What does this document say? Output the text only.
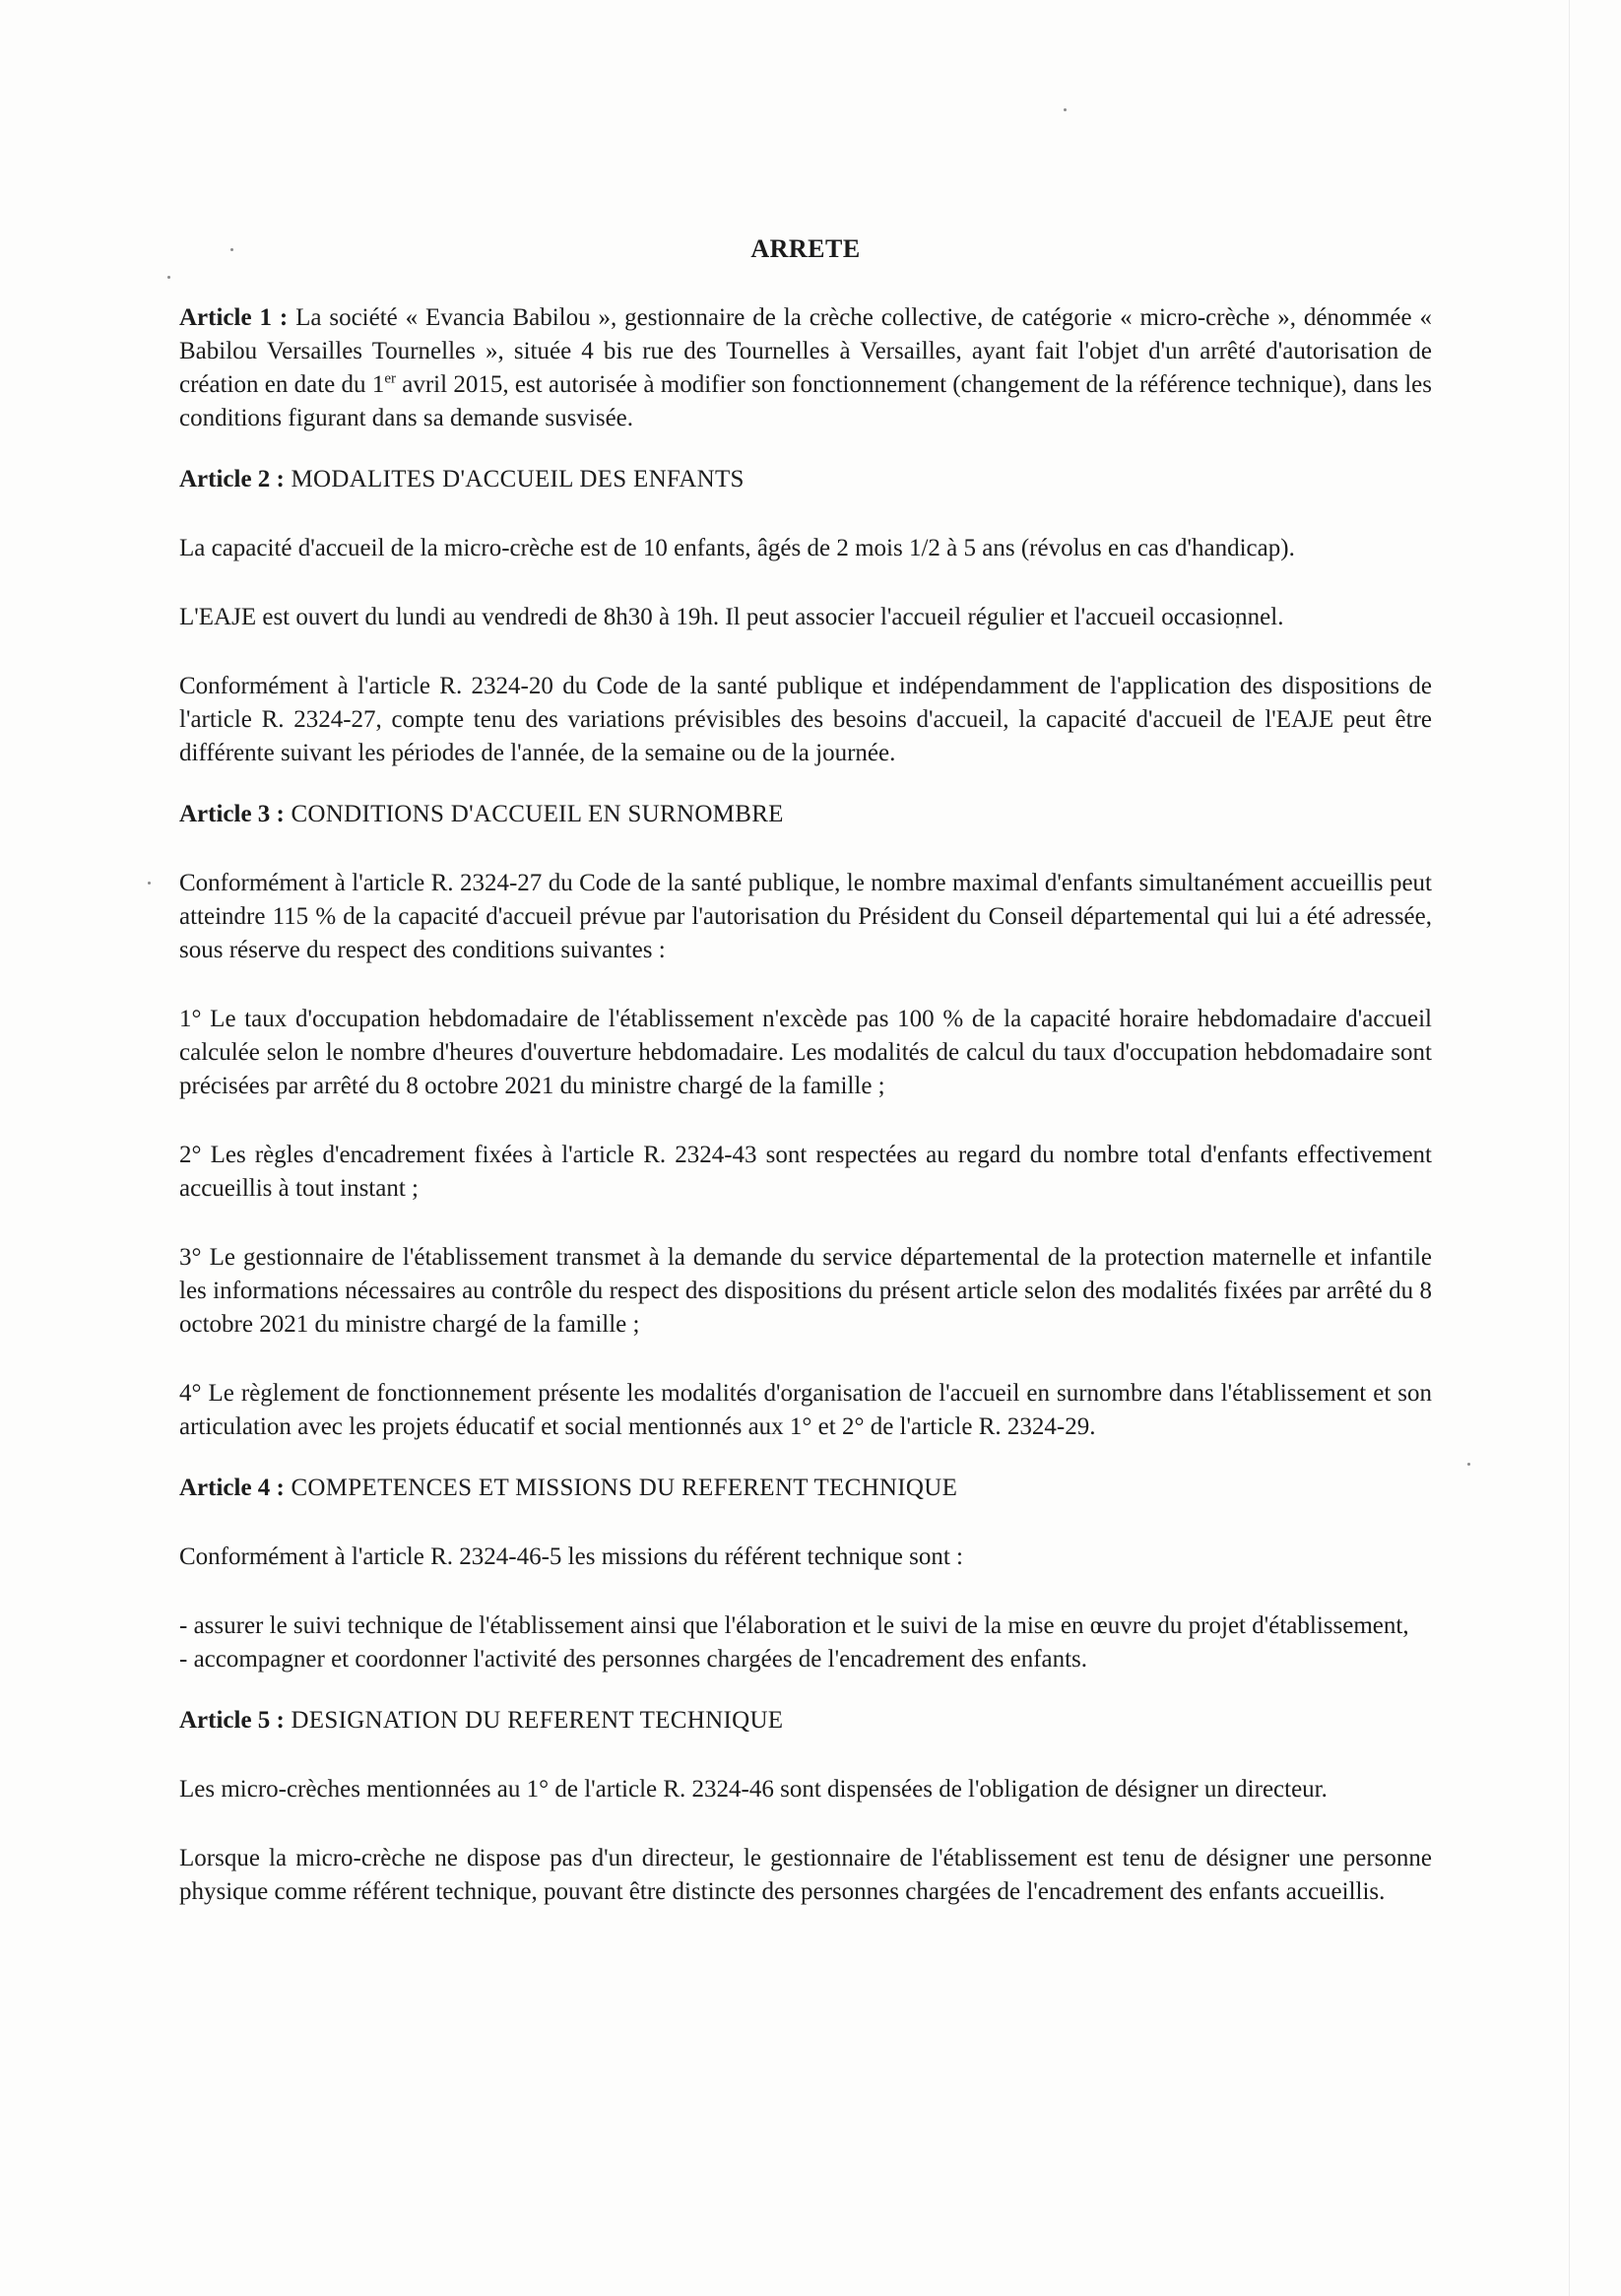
ARRETE

Article 1 : La société « Evancia Babilou », gestionnaire de la crèche collective, de catégorie « micro-crèche », dénommée « Babilou Versailles Tournelles », située 4 bis rue des Tournelles à Versailles, ayant fait l'objet d'un arrêté d'autorisation de création en date du 1er avril 2015, est autorisée à modifier son fonctionnement (changement de la référence technique), dans les conditions figurant dans sa demande susvisée.

Article 2 : MODALITES D'ACCUEIL DES ENFANTS

La capacité d'accueil de la micro-crèche est de 10 enfants, âgés de 2 mois 1/2 à 5 ans (révolus en cas d'handicap).

L'EAJE est ouvert du lundi au vendredi de 8h30 à 19h. Il peut associer l'accueil régulier et l'accueil occasionnel.

Conformément à l'article R. 2324-20 du Code de la santé publique et indépendamment de l'application des dispositions de l'article R. 2324-27, compte tenu des variations prévisibles des besoins d'accueil, la capacité d'accueil de l'EAJE peut être différente suivant les périodes de l'année, de la semaine ou de la journée.

Article 3 : CONDITIONS D'ACCUEIL EN SURNOMBRE

Conformément à l'article R. 2324-27 du Code de la santé publique, le nombre maximal d'enfants simultanément accueillis peut atteindre 115 % de la capacité d'accueil prévue par l'autorisation du Président du Conseil départemental qui lui a été adressée, sous réserve du respect des conditions suivantes :

1° Le taux d'occupation hebdomadaire de l'établissement n'excède pas 100 % de la capacité horaire hebdomadaire d'accueil calculée selon le nombre d'heures d'ouverture hebdomadaire. Les modalités de calcul du taux d'occupation hebdomadaire sont précisées par arrêté du 8 octobre 2021 du ministre chargé de la famille ;

2° Les règles d'encadrement fixées à l'article R. 2324-43 sont respectées au regard du nombre total d'enfants effectivement accueillis à tout instant ;

3° Le gestionnaire de l'établissement transmet à la demande du service départemental de la protection maternelle et infantile les informations nécessaires au contrôle du respect des dispositions du présent article selon des modalités fixées par arrêté du 8 octobre 2021 du ministre chargé de la famille ;

4° Le règlement de fonctionnement présente les modalités d'organisation de l'accueil en surnombre dans l'établissement et son articulation avec les projets éducatif et social mentionnés aux 1° et 2° de l'article R. 2324-29.

Article 4 : COMPETENCES ET MISSIONS DU REFERENT TECHNIQUE

Conformément à l'article R. 2324-46-5 les missions du référent technique sont :

- assurer le suivi technique de l'établissement ainsi que l'élaboration et le suivi de la mise en œuvre du projet d'établissement,

- accompagner et coordonner l'activité des personnes chargées de l'encadrement des enfants.

Article 5 : DESIGNATION DU REFERENT TECHNIQUE

Les micro-crèches mentionnées au 1° de l'article R. 2324-46 sont dispensées de l'obligation de désigner un directeur.

Lorsque la micro-crèche ne dispose pas d'un directeur, le gestionnaire de l'établissement est tenu de désigner une personne physique comme référent technique, pouvant être distincte des personnes chargées de l'encadrement des enfants accueillis.
